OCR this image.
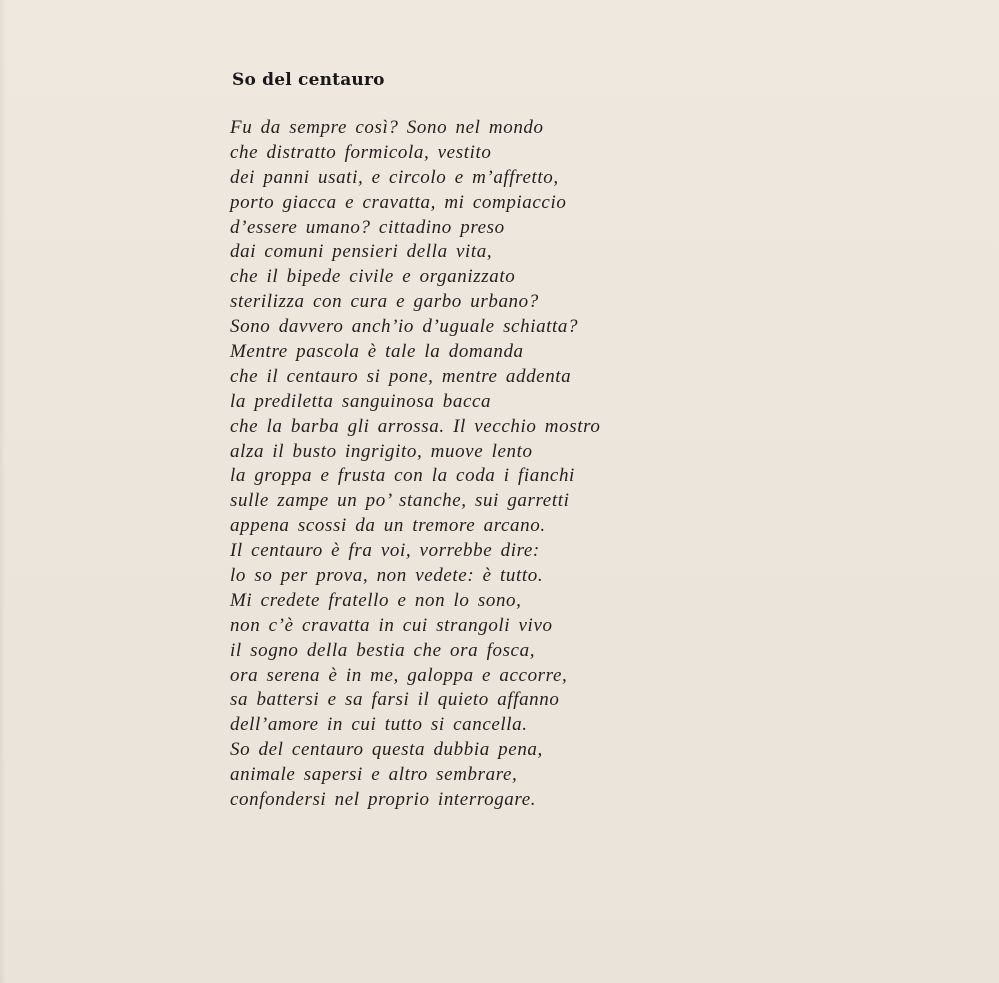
So del centauro
Fu da sempre così? Sono nel mondo
che distratto formicola, vestito
dei panni usati, e circolo e m’affretto,
porto giacca e cravatta, mi compiaccio
d’essere umano? cittadino preso
dai comuni pensieri della vita,
che il bipede civile e organizzato
sterilizza con cura e garbo urbano?
Sono davvero anch’io d’uguale schiatta?
Mentre pascola è tale la domanda
che il centauro si pone, mentre addenta
la prediletta sanguinosa bacca
che la barba gli arrossa. Il vecchio mostro
alza il busto ingrigito, muove lento
la groppa e frusta con la coda i fianchi
sulle zampe un po’ stanche, sui garretti
appena scossi da un tremore arcano.
Il centauro è fra voi, vorrebbe dire:
lo so per prova, non vedete: è tutto.
Mi credete fratello e non lo sono,
non c’è cravatta in cui strangoli vivo
il sogno della bestia che ora fosca,
ora serena è in me, galoppa e accorre,
sa battersi e sa farsi il quieto affanno
dell’amore in cui tutto si cancella.
So del centauro questa dubbia pena,
animale sapersi e altro sembrare,
confondersi nel proprio interrogare.
